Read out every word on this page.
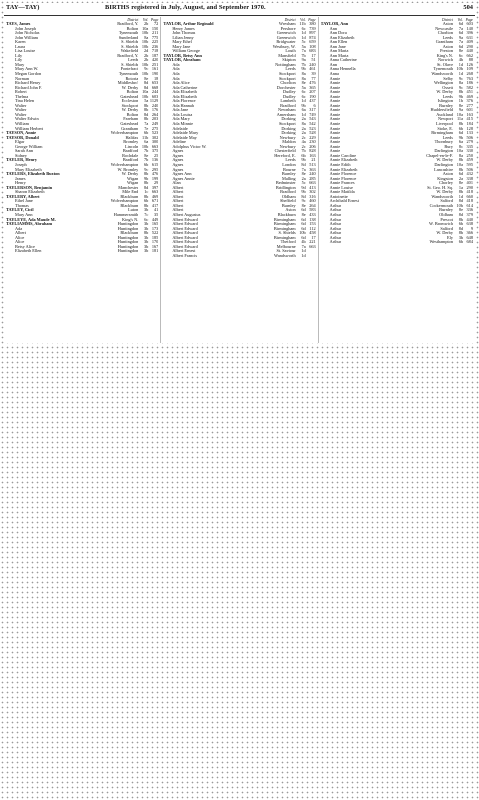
TAY—TAY)	BIRTHS registered in July, August, and September 1970.	504
District	Vol. Page
TAYS, James	Bradford, Y.	2b	72
John Joseph	Bolton 10a 150
John Nicholas	Tynemouth 10b 211
John William	Sunderland	8a 775
Karen	S. Shields 10b 225
Laura	S. Shields 10b 236
Lisa Louise	Wakefield	2d 718
Lily	Bradford, Y.	2b 187
Lily	Leeds	2b 420
Mary	S. Shields 10b 251
Mary Ann W.	Pontefract	9c 161
Megan Gordon	Tynemouth 10b 190
Norman	Rotoria	8e	18
Richard Henry	Middlesbro'	8d 653
Richard John F.	W. Derby	8d 668
Robert	Bolton 10a 244
Thelma	Gateshead 10b 603
Tina Helen	Eccleston	5a 1129
Walter	Stockport	8b 240
Walter	W. Derby	8b 176
Walter	Bolton	8d 264
Walter Edwin	Fareham	8b 203
William	Gateshead	7a 249
William Herbert	Grantham	7e 275
TAYSON, Annie	Wolverhampton	6b 523
TAYSOR, Donald	Halifax 11b 302
Elgar	Bromley	6a 300
George William	Lincoln 10b 663
Sarah Ann	Bradford	7b 375
Sidney	Rochdale	8e	25
TAYLER, Henry	Bradford	7b 136
Joseph	Wolverhampton	6b 615
Mary Elizabeth	W. Bromley	9c 295
TAYLERS, Elizabeth Buxton	W. Derby	8b 476
James	Wigan	9b 199
Henry	Wigan	8b	29
TAYLERSON, Benjamin	Manchester	8d 397
Sharon Elizabeth	Mile End	1c 663
TAYLERY, Albert	Blackburn	8b 469
Ethel Jane	Wolverhampton	6b 671
Thomas	Blackburn	8b 417
TAYLEY, Cicil	Luton	3b	41
Mary Ann	Hammersmith	7c	35
TAYLEYE, Ada Maude M.	King's N.	6c 449
TAYLIAMMS, Abraham	Huntingdon	3b 165
Ada	Huntingdon	3b 173
Albert	Blackburn	8b 522
Alice	Huntingdon	3b 185
Alice	Huntingdon	3b 170
Betsy Alice	Huntingdon	3b 167
Elizabeth Ellen	Huntingdon	3b 181
District	Vol. Page
TAYLOR, Arthur Reginald	Wrexham 11b 380
Henry James	Pershore	6c 739
John Thomas	Greenwich	1d 897
Lilian Jenny	Greenwich	1d 874
Mary Ethel	Bridgwater	5c 659
Mary Jane	Westbury, W.	5a 108
William George	Louth	7a 683
TAYLOR, Betsy Ann	Mansfield	7b	17
TAYLOR, Abraham	Skipton	9a	51
Ada	Nottingham	7b 240
Ada	Leeds	9b 461
Ada	Stockport	8a	39
Ada	Stockport	8a	77
Ada Alice	Chorlton	8e 476
Ada Catherine	Dorchester	5a 365
Ada Elizabeth	Dudley	6c 207
Ada Elizabeth	Dudley	6c 190
Ada Florence	Lambeth	1d 437
Ada Hannah	Bradford	9b	6
Ada Jane	Newnham	6a 317
Ada Louisa	Amersham	1d 749
Ada Mary	Dorking	2a 543
Ada Minnie	Stockport	8a 542
Adelaide	Dorking	2a 523
Adelaide Mary	Dorking	2a 528
Adelaide May	Newbury	2c 229
Adeline	Maldon	4a 230
Adolphus Victor W.	Newbury	2c 206
Agnes	Chesterfield	7b 828
Agnes	Hereford, E.	6b 163
Agnes	Leeds	9b	21
Agnes	London	8d 513
Agnes	Bourne	7a 363
Agnes Ann	Burnley	8e 240
Agnes Annie	Malling	2a 285
Alan	Bedminster	5c 663
Albert	Bridlington	9d 413
Albert	Bradford	9b 302
Albert	Oldham	8d 316
Albert	Sheffield	9c 460
Albert	Burnley	8e 264
Albert	Aston	6d 583
Albert Augustus	Blackburn	8e 433
Albert Edward	Birmingham	6d 138
Albert Edward	Birmingham	6d 153
Albert Edward	Birmingham	6d 112
Albert Edward	S. Shields 10b 458
Albert Edward	Birmingham	6d	17
Albert Edward	Thetford	4b 221
Albert Edward	Melbourne	7a 663
Albert Ernest	St. Saviour	1d
Albert Francis	Wandsworth	1d
District	Vol. Page
TAYLOR, Ann	Aston	6d 603
Ann	Newcastle	7a 140
Ann Dora	Chorlton	6d 396
Ann Elizabeth	Leeds	9a 631
Ann Ellen	Grantham	7a 409
Ann Jane	Aston	6d 290
Ann Maria	Preston	8e 440
Ann Maria	King's N.	6c 662
Anna Catherine	Norwich	4b	88
Ann	St. Olave	1d 126
Anna Hennella	Tynemouth 10b 109
Anna	Wandsworth	1d 268
Annie	Selby	9c 763
Annie	Wellington	8a 186
Annie	Ossett	9c 582
Annie	W. Derby	8b 451
Annie	Leeds	9b 469
Annie	Islington	1b 376
Annie	Burnley	8e 277
Annie	Huddersfield	9a 601
Annie	Auckland 10a 163
Annie	Newport 11a 415
Annie	Liverpool	8b 184
Annie	Stoke, E.	6b 128
Annie	Birmingham	6d 133
Annie	Leeds	9b 506
Annie	Thornbury	6a 279
Annie	Bury	8c 335
Annie	Darlington 10a 330
Annie Caroline	Chapel-en-le-F.	8a 250
Annie Elizabeth	W. Derby	8b 459
Annie Edith	Darlington 10a 595
Annie Elizabeth	Lancashire	8b 506
Annie Florence	Aston	6d 432
Annie Florence	Kingston	2a 338
Annie Frances	Chorley	8e 401
Annie Louise	St. Geo. H. Sq.	1a 290
Annie Matilda	W. Derby	8b 418
Antoinette	Wandsworth	1d 660
Archibald Ernest	Salford	8d 418
Arthur	Cockermouth 10b 614
Arthur	Burnley	8e 336
Arthur	Oldham	8d 379
Arthur	Prescot	8b 440
Arthur	W. Bromwich	6b 638
Arthur	Salford	8d	9
Arthur	W. Derby	8b 366
Arthur	Ely	3b 648
Arthur	Westhampton	6b 684
